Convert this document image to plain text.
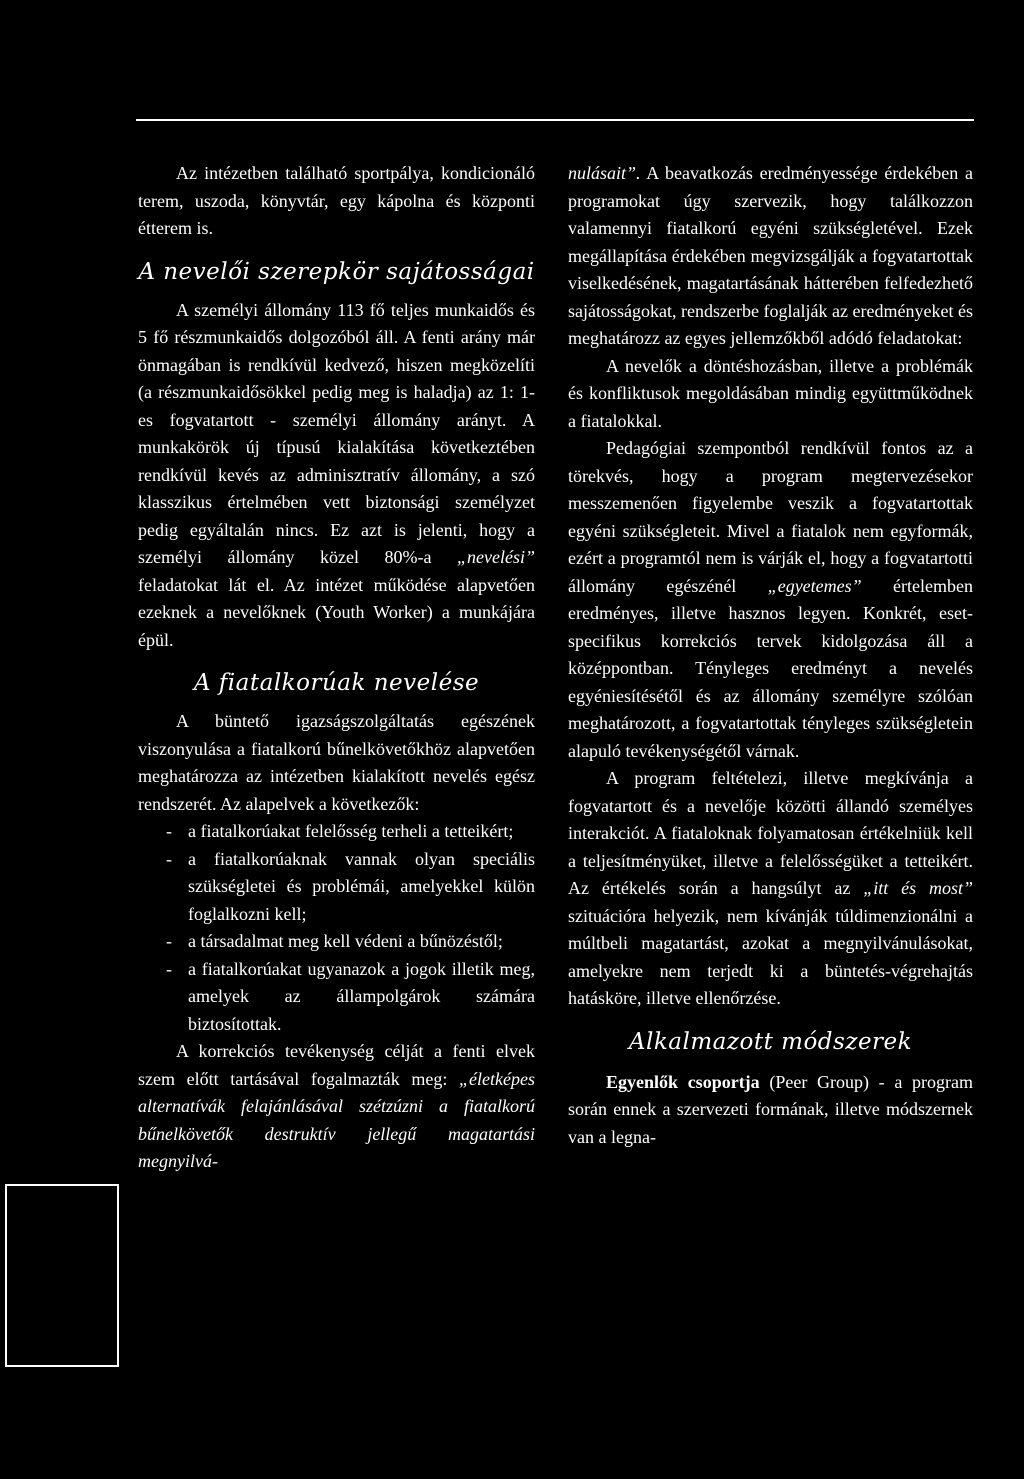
Az intézetben található sportpálya, kondicionáló terem, uszoda, könyvtár, egy kápolna és központi étterem is.

A nevelői szerepkör sajátosságai

A személyi állomány 113 fő teljes munkaidős és 5 fő részmunkaidős dolgozóból áll. A fenti arány már önmagában is rendkívül kedvező, hiszen megközelíti (a részmunkaidősökkel pedig meg is haladja) az 1: 1-es fogvatartott - személyi állomány arányt. A munkakörök új típusú kialakítása következtében rendkívül kevés az adminisztratív állomány, a szó klasszikus értelmében vett biztonsági személyzet pedig egyáltalán nincs. Ez azt is jelenti, hogy a személyi állomány közel 80%-a „nevelési” feladatokat lát el. Az intézet működése alapvetően ezeknek a nevelőknek (Youth Worker) a munkájára épül.

A fiatalkorúak nevelése

A büntető igazságszolgáltatás egészének viszonyulása a fiatalkorú bűnelkövetőkhöz alapvetően meghatározza az intézetben kialakított nevelés egész rendszerét. Az alapelvek a következők:

- a fiatalkorúakat felelősség terheli a tetteikért;
- a fiatalkorúaknak vannak olyan speciális szükségletei és problémái, amelyekkel külön foglalkozni kell;
- a társadalmat meg kell védeni a bűnözéstől;
- a fiatalkorúakat ugyanazok a jogok illetik meg, amelyek az állampolgárok számára biztosítottak.

A korrekciós tevékenység célját a fenti elvek szem előtt tartásával fogalmazták meg: „életképes alternatívák felajánlásával szétzúzni a fiatalkorú bűnelkövetők destruktív jellegű magatartási megnyilvá-

nulásait”. A beavatkozás eredményessége érdekében a programokat úgy szervezik, hogy találkozzon valamennyi fiatalkorú egyéni szükségletével. Ezek megállapítása érdekében megvizsgálják a fogvatartottak viselkedésének, magatartásának hátterében felfedezhető sajátosságokat, rendszerbe foglalják az eredményeket és meghatározz az egyes jellemzőkből adódó feladatokat:

A nevelők a döntéshozásban, illetve a problémák és konfliktusok megoldásában mindig együttműködnek a fiatalokkal.

Pedagógiai szempontból rendkívül fontos az a törekvés, hogy a program megtervezésekor messzemenően figyelembe veszik a fogvatartottak egyéni szükségleteit. Mivel a fiatalok nem egyformák, ezért a programtól nem is várják el, hogy a fogvatartotti állomány egészénél „egyetemes” értelemben eredményes, illetve hasznos legyen. Konkrét, eset-specifikus korrekciós tervek kidolgozása áll a középpontban. Tényleges eredményt a nevelés egyéniesítésétől és az állomány személyre szólóan meghatározott, a fogvatartottak tényleges szükségletein alapuló tevékenységétől várnak.

A program feltételezi, illetve megkívánja a fogvatartott és a nevelője közötti állandó személyes interakciót. A fiataloknak folyamatosan értékelniük kell a teljesítményüket, illetve a felelősségüket a tetteikért. Az értékelés során a hangsúlyt az „itt és most” szituációra helyezik, nem kívánják túldimenzionálni a múltbeli magatartást, azokat a megnyilvánulásokat, amelyekre nem terjedt ki a büntetés-végrehajtás hatásköre, illetve ellenőrzése.

Alkalmazott módszerek

Egyenlők csoportja (Peer Group) - a program során ennek a szervezeti formának, illetve módszernek van a legna-
